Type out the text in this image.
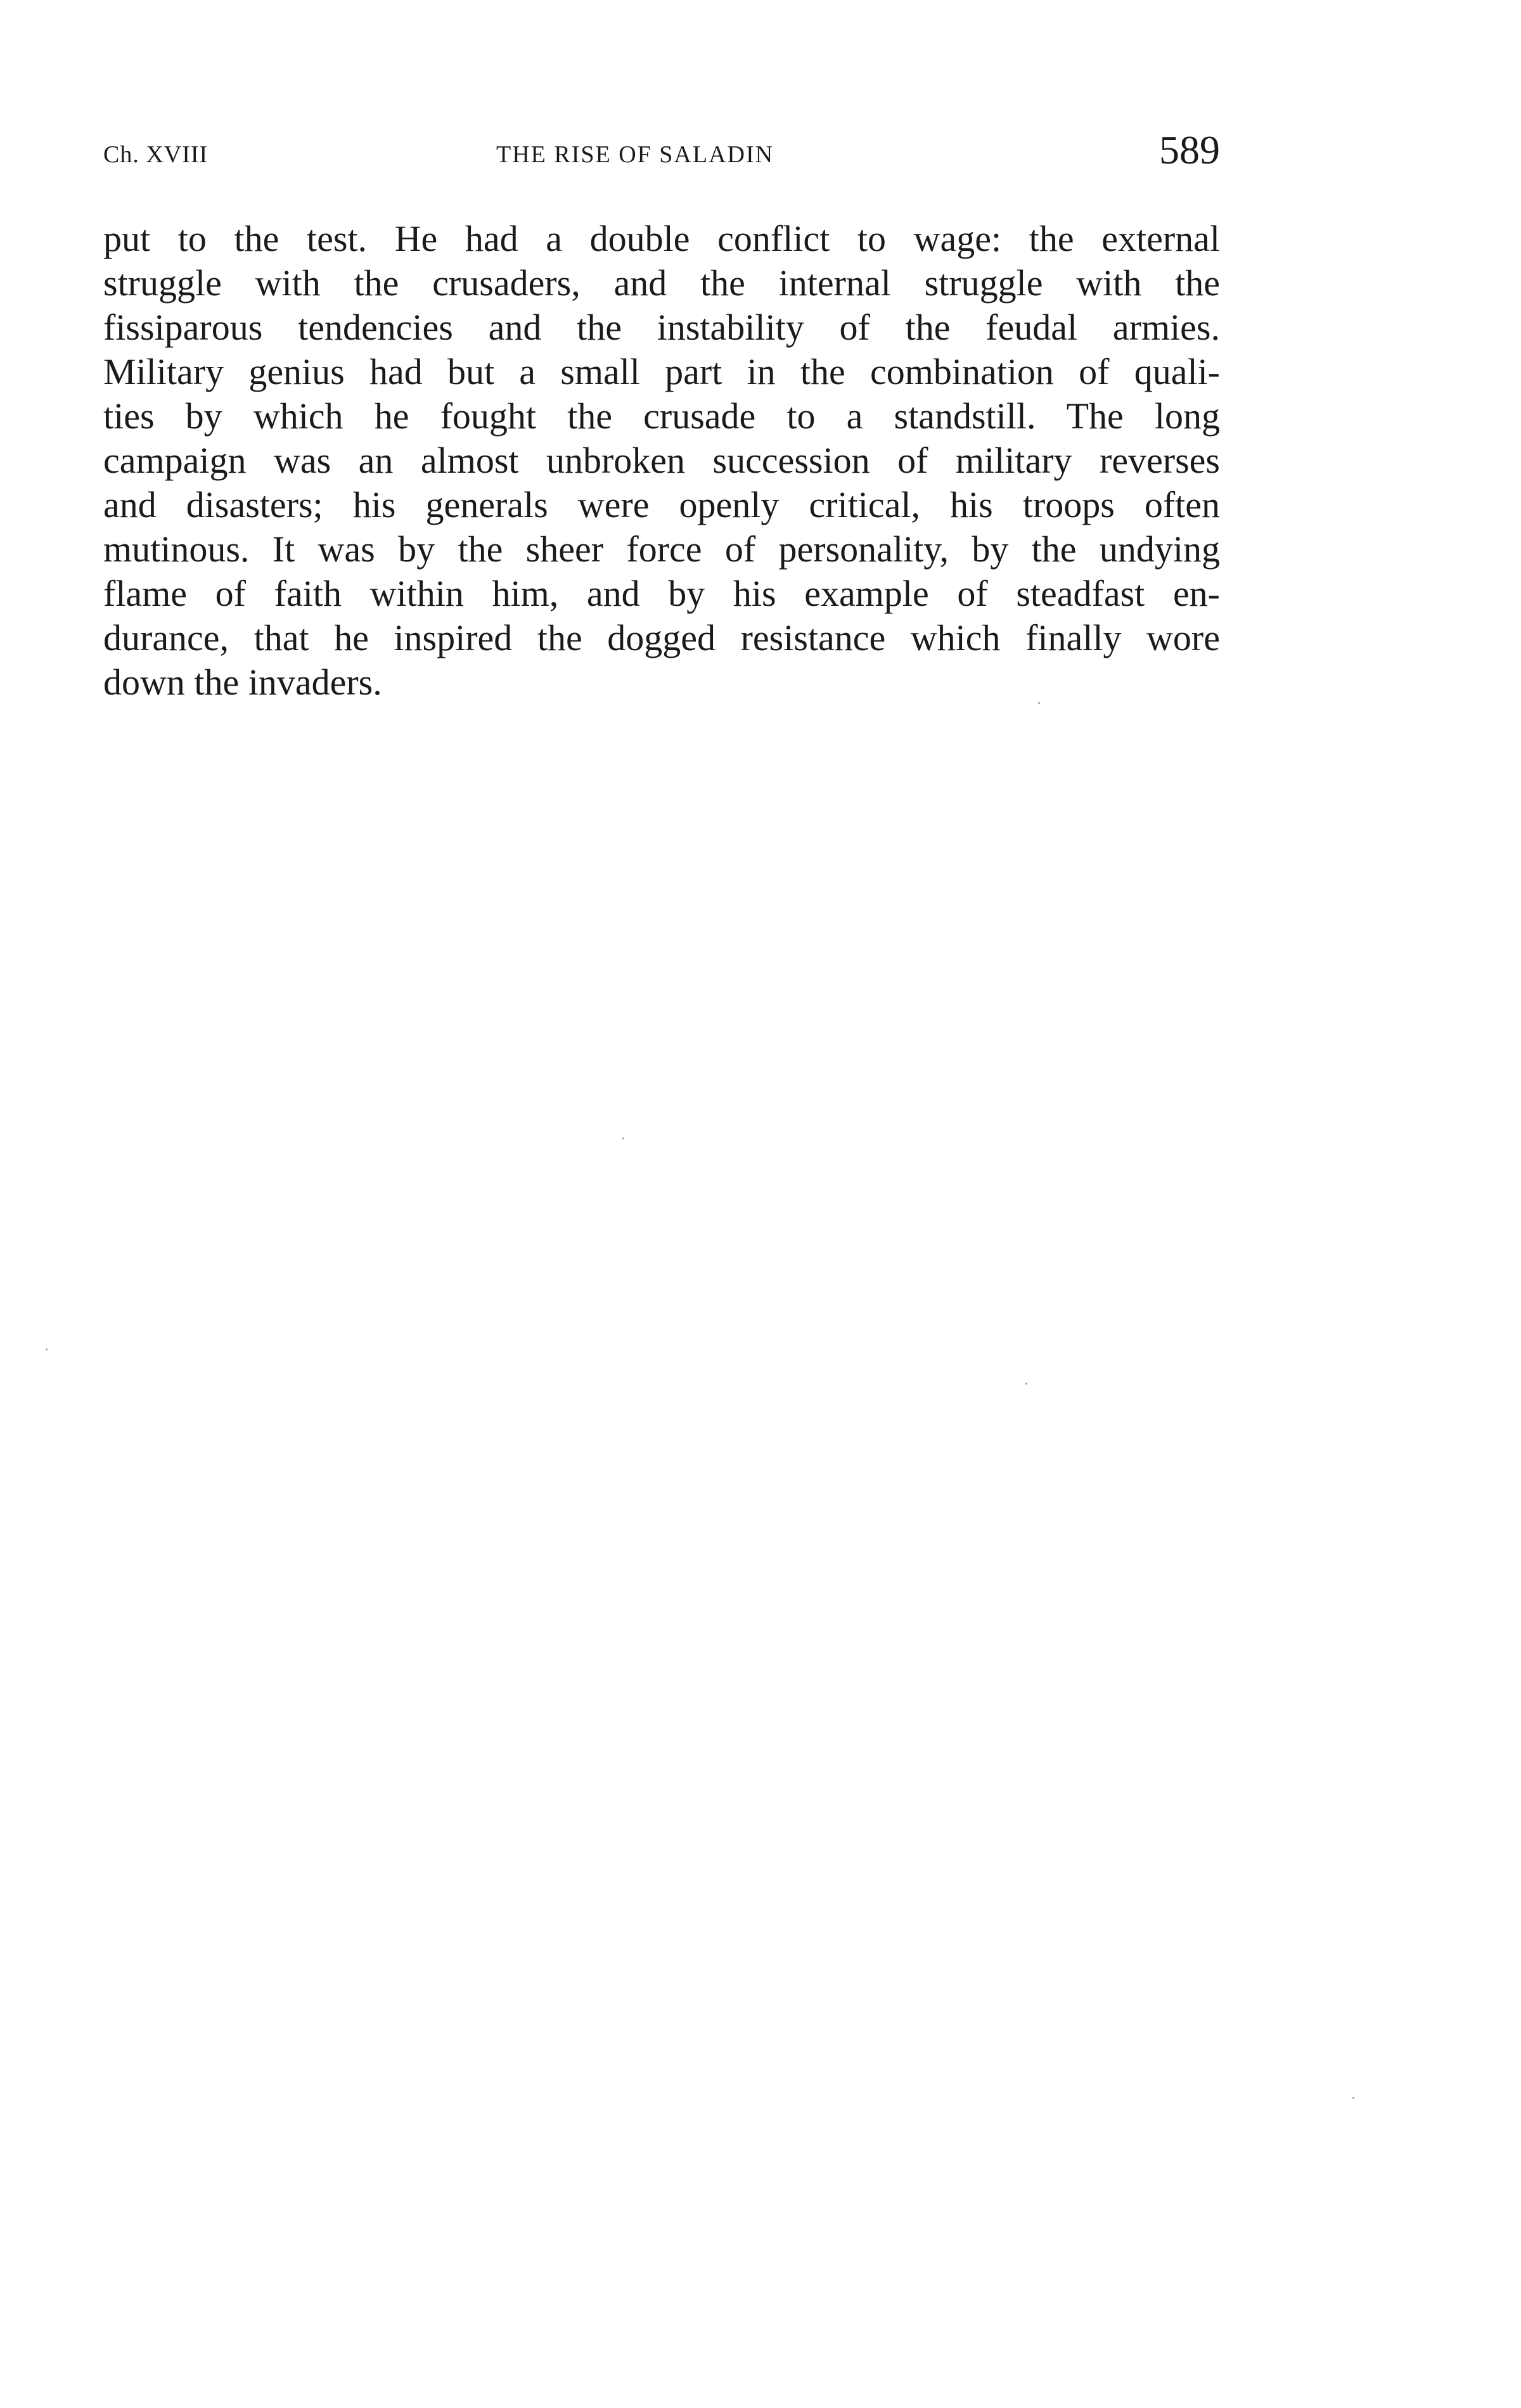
Ch. XVIII	THE RISE OF SALADIN	589
put to the test. He had a double conflict to wage: the external
struggle with the crusaders, and the internal struggle with the
fissiparous tendencies and the instability of the feudal armies.
Military genius had but a small part in the combination of quali-
ties by which he fought the crusade to a standstill. The long
campaign was an almost unbroken succession of military reverses
and disasters; his generals were openly critical, his troops often
mutinous. It was by the sheer force of personality, by the undying
flame of faith within him, and by his example of steadfast en-
durance, that he inspired the dogged resistance which finally wore
down the invaders.
